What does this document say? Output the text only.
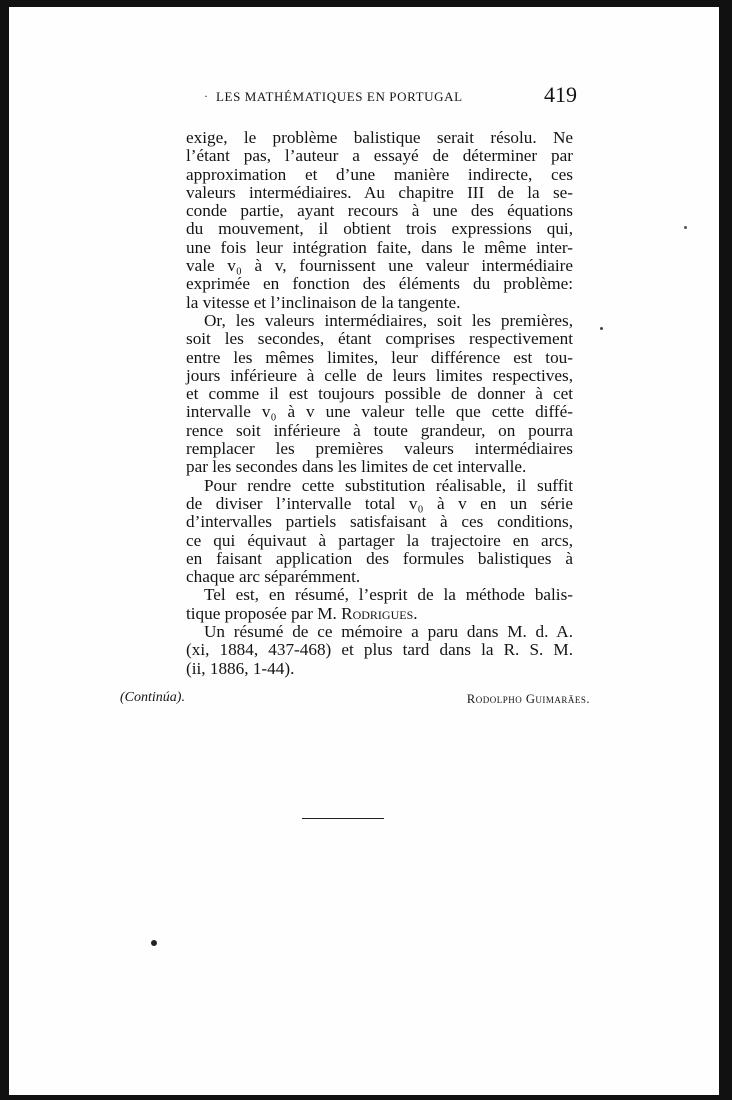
· LES MATHÉMATIQUES EN PORTUGAL	419
exige, le problème balistique serait résolu. Ne
l’étant pas, l’auteur a essayé de déterminer par
approximation et d’une manière indirecte, ces
valeurs intermédiaires. Au chapitre III de la se-
conde partie, ayant recours à une des équations
du mouvement, il obtient trois expressions qui,
une fois leur intégration faite, dans le même inter-
vale v₀ à v, fournissent une valeur intermédiaire
exprimée en fonction des éléments du problème:
la vitesse et l’inclinaison de la tangente.
Or, les valeurs intermédiaires, soit les premières,
soit les secondes, étant comprises respectivement
entre les mêmes limites, leur différence est tou-
jours inférieure à celle de leurs limites respectives,
et comme il est toujours possible de donner à cet
intervalle v₀ à v une valeur telle que cette diffé-
rence soit inférieure à toute grandeur, on pourra
remplacer les premières valeurs intermédiaires
par les secondes dans les limites de cet intervalle.
Pour rendre cette substitution réalisable, il suffit
de diviser l’intervalle total v₀ à v en un série
d’intervalles partiels satisfaisant à ces conditions,
ce qui équivaut à partager la trajectoire en arcs,
en faisant application des formules balistiques à
chaque arc séparémment.
Tel est, en résumé, l’esprit de la méthode balis-
tique proposée par M. Rodrigues.
Un résumé de ce mémoire a paru dans M. d. A.
(xi, 1884, 437-468) et plus tard dans la R. S. M.
(ii, 1886, 1-44).
(Continúa).	Rodolpho Guimarães.
